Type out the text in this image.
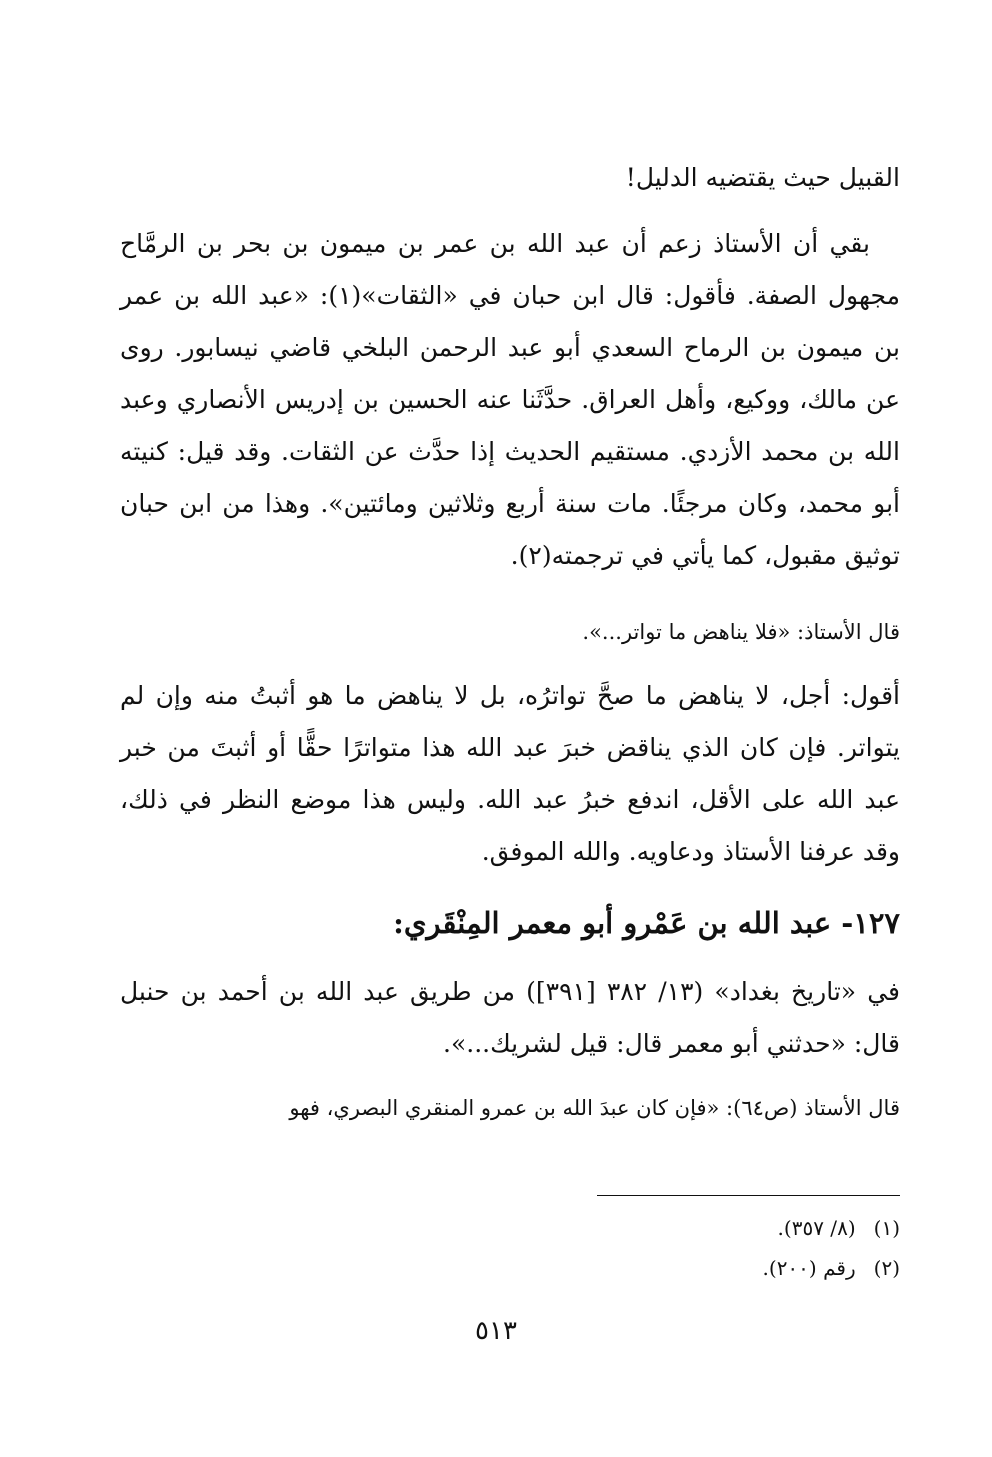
القبيل حيث يقتضيه الدليل!
بقي أن الأستاذ زعم أن عبد الله بن عمر بن ميمون بن بحر بن الرمَّاح مجهول الصفة. فأقول: قال ابن حبان في «الثقات»(١): «عبد الله بن عمر بن ميمون بن الرماح السعدي أبو عبد الرحمن البلخي قاضي نيسابور. روى عن مالك، ووكيع، وأهل العراق. حدَّثَنا عنه الحسين بن إدريس الأنصاري وعبد الله بن محمد الأزدي. مستقيم الحديث إذا حدَّث عن الثقات. وقد قيل: كنيته أبو محمد، وكان مرجئًا. مات سنة أربع وثلاثين ومائتين». وهذا من ابن حبان توثيق مقبول، كما يأتي في ترجمته(٢).
قال الأستاذ: «فلا يناهض ما تواتر...».
أقول: أجل، لا يناهض ما صحَّ تواترُه، بل لا يناهض ما هو أثبتُ منه وإن لم يتواتر. فإن كان الذي يناقض خبرَ عبد الله هذا متواترًا حقًّا أو أثبتَ من خبر عبد الله على الأقل، اندفع خبرُ عبد الله. وليس هذا موضع النظر في ذلك، وقد عرفنا الأستاذ ودعاويه. والله الموفق.
١٢٧- عبد الله بن عَمْرو أبو معمر المِنْقَري:
في «تاريخ بغداد» (١٣/ ٣٨٢ [٣٩١]) من طريق عبد الله بن أحمد بن حنبل قال: «حدثني أبو معمر قال: قيل لشريك...».
قال الأستاذ (ص٦٤): «فإن كان عبدَ الله بن عمرو المنقري البصري، فهو
(١)(٨/ ٣٥٧).
(٢)رقم (٢٠٠).
٥١٣
